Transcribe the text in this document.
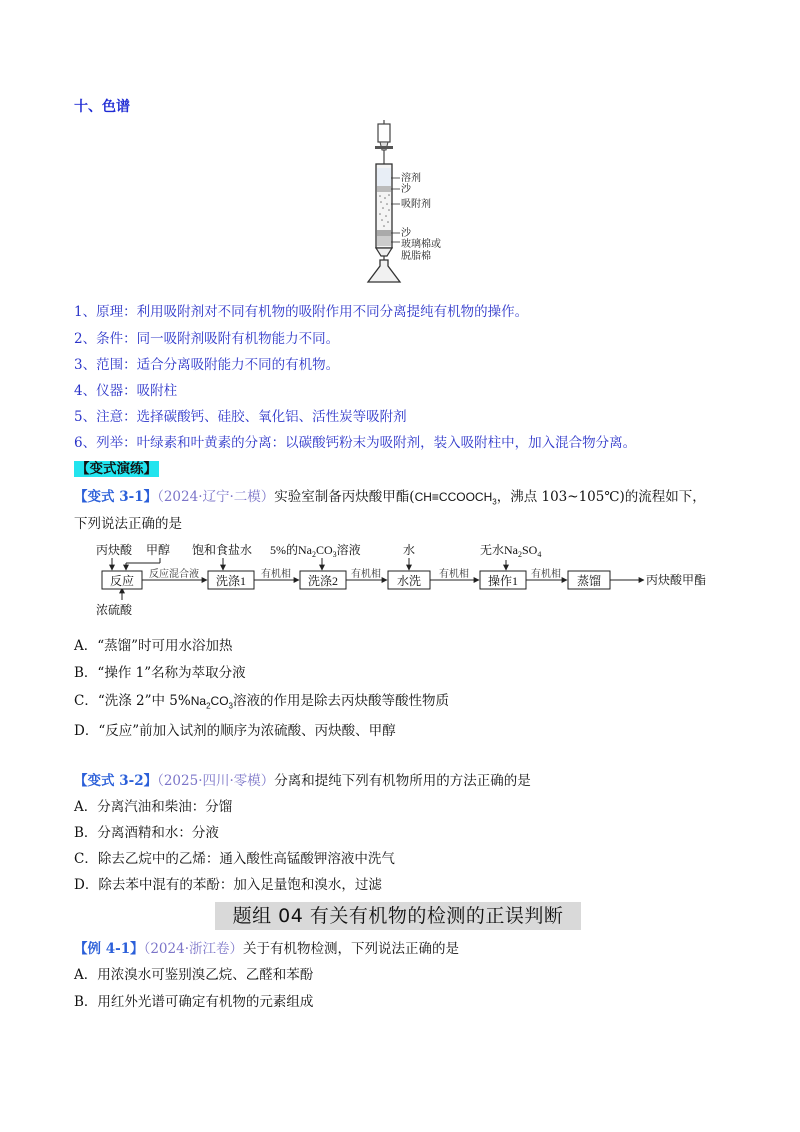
十、色谱
溶剂
沙
吸附剂
沙
玻璃棉或
脱脂棉
1、原理：利用吸附剂对不同有机物的吸附作用不同分离提纯有机物的操作。
2、条件：同一吸附剂吸附有机物能力不同。
3、范围：适合分离吸附能力不同的有机物。
4、仪器：吸附柱
5、注意：选择碳酸钙、硅胶、氧化铝、活性炭等吸附剂
6、列举：叶绿素和叶黄素的分离：以碳酸钙粉末为吸附剂，装入吸附柱中，加入混合物分离。
【变式演练】
【变式 3-1】（2024·辽宁·二模）实验室制备丙炔酸甲酯($CH\equiv CCOOCH_3$，沸点 103~105℃)的流程如下，
下列说法正确的是
丙炔酸 甲醇 饱和食盐水 5%的$Na_2CO_3$溶液	水	无水$Na_2SO_4$
浓硫酸
反应	洗涤1	洗涤2	水洗	操作1	蒸馏
反应混合液	有机相	有机相	有机相	有机相	丙炔酸甲酯
A．“蒸馏”时可用水浴加热
B．“操作 1”名称为萃取分液
C．“洗涤 2”中 $5\%Na_2CO_3$溶液的作用是除去丙炔酸等酸性物质
D．“反应”前加入试剂的顺序为浓硫酸、丙炔酸、甲醇
【变式 3-2】（2025·四川·零模）分离和提纯下列有机物所用的方法正确的是
A．分离汽油和柴油：分馏
B．分离酒精和水：分液
C．除去乙烷中的乙烯：通入酸性高锰酸钾溶液中洗气
D．除去苯中混有的苯酚：加入足量饱和溴水，过滤
题组 04 有关有机物的检测的正误判断
【例 4-1】（2024·浙江卷）关于有机物检测，下列说法正确的是
A．用浓溴水可鉴别溴乙烷、乙醛和苯酚
B．用红外光谱可确定有机物的元素组成
